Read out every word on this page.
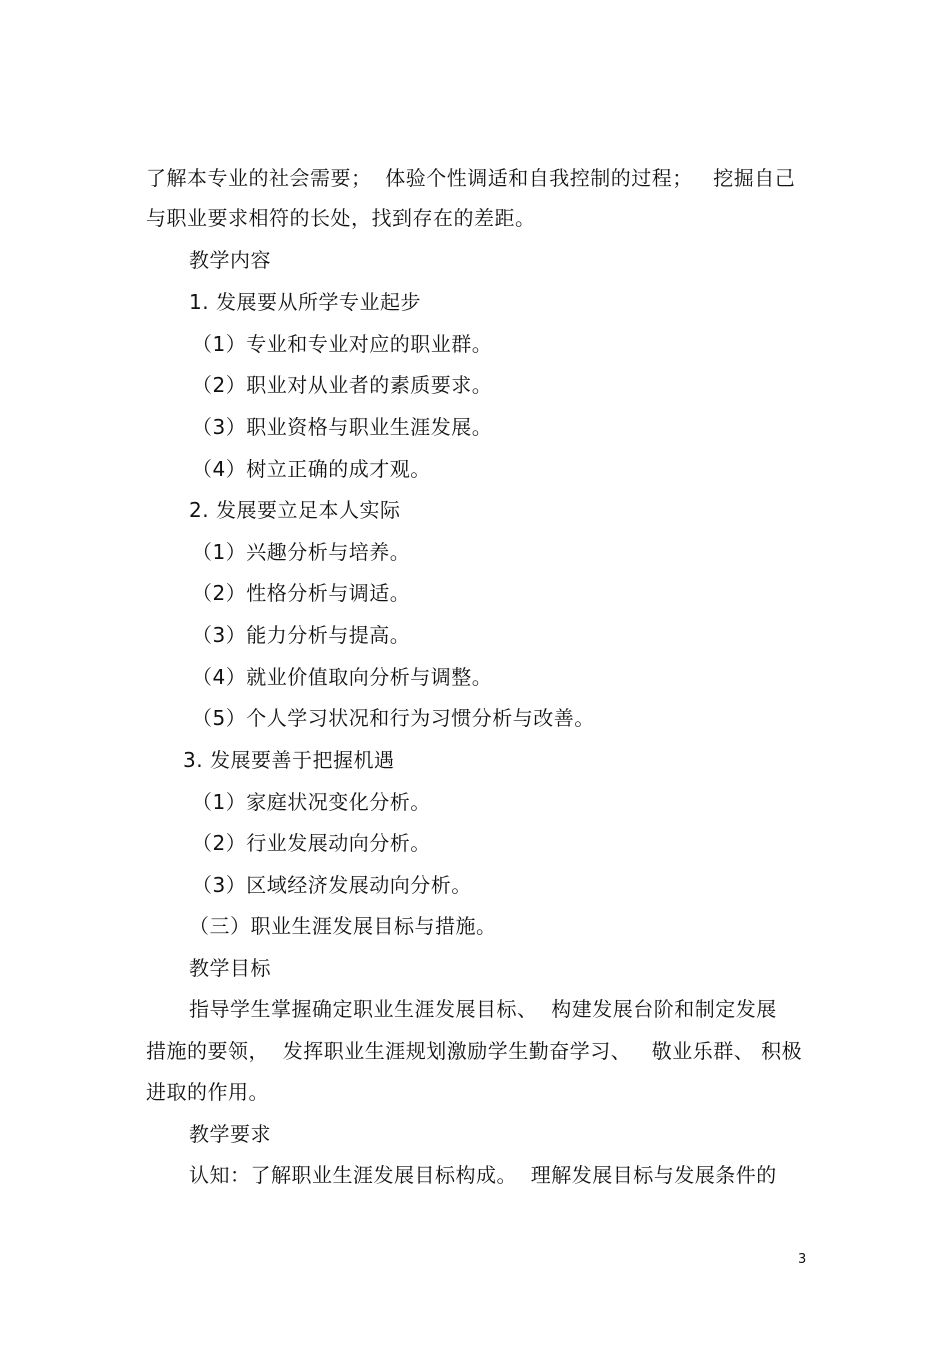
了解本专业的社会需要；  体验个性调适和自我控制的过程；   挖掘自己
与职业要求相符的长处，找到存在的差距。
教学内容
1. 发展要从所学专业起步
（1）专业和专业对应的职业群。
（2）职业对从业者的素质要求。
（3）职业资格与职业生涯发展。
（4）树立正确的成才观。
2. 发展要立足本人实际
（1）兴趣分析与培养。
（2）性格分析与调适。
（3）能力分析与提高。
（4）就业价值取向分析与调整。
（5）个人学习状况和行为习惯分析与改善。
3. 发展要善于把握机遇
（1）家庭状况变化分析。
（2）行业发展动向分析。
（3）区域经济发展动向分析。
（三）职业生涯发展目标与措施。
教学目标
指导学生掌握确定职业生涯发展目标、  构建发展台阶和制定发展
措施的要领，  发挥职业生涯规划激励学生勤奋学习、   敬业乐群、 积极
进取的作用。
教学要求
认知：了解职业生涯发展目标构成。  理解发展目标与发展条件的
3
